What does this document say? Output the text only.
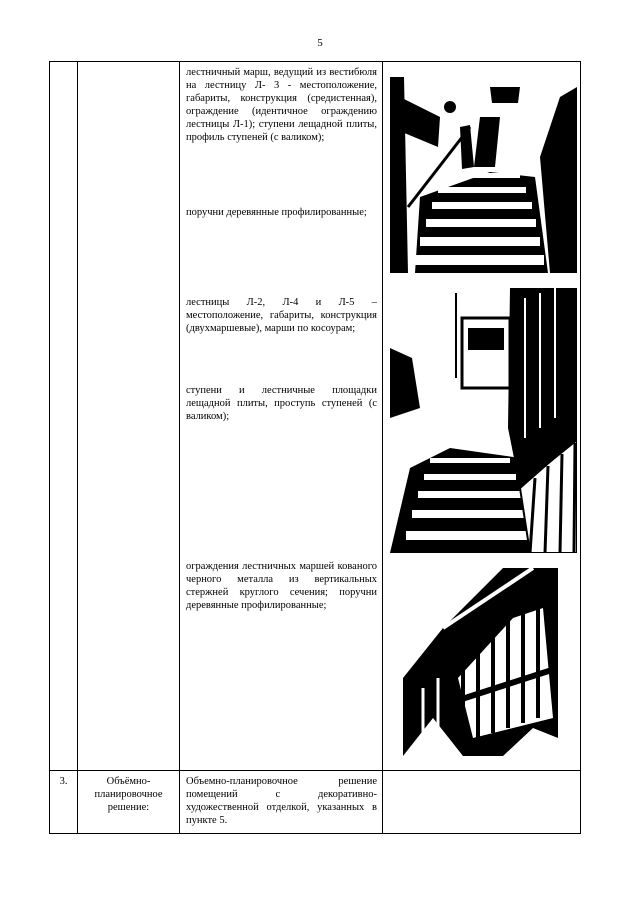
5

		лестничный марш, ведущий из вестибюля на лестницу Л- 3 - местоположение, габариты, конструкция (средистенная), ограждение (идентичное ограждению лестницы Л-1); ступени лещадной плиты, профиль ступеней (с валиком);

поручни деревянные профилированные;

лестницы Л-2, Л-4 и Л-5 – местоположение, габариты, конструкция (двухмаршевые), марши по косоурам;

ступени и лестничные площадки лещадной плиты, проступь ступеней (с валиком);

ограждения лестничных маршей кованого черного металла из вертикальных стержней круглого сечения; поручни деревянные профилированные;

3.	Объёмно-планировочное решение:	Объемно-планировочное решение помещений с декоративно-художественной отделкой, указанных в пункте 5.	
